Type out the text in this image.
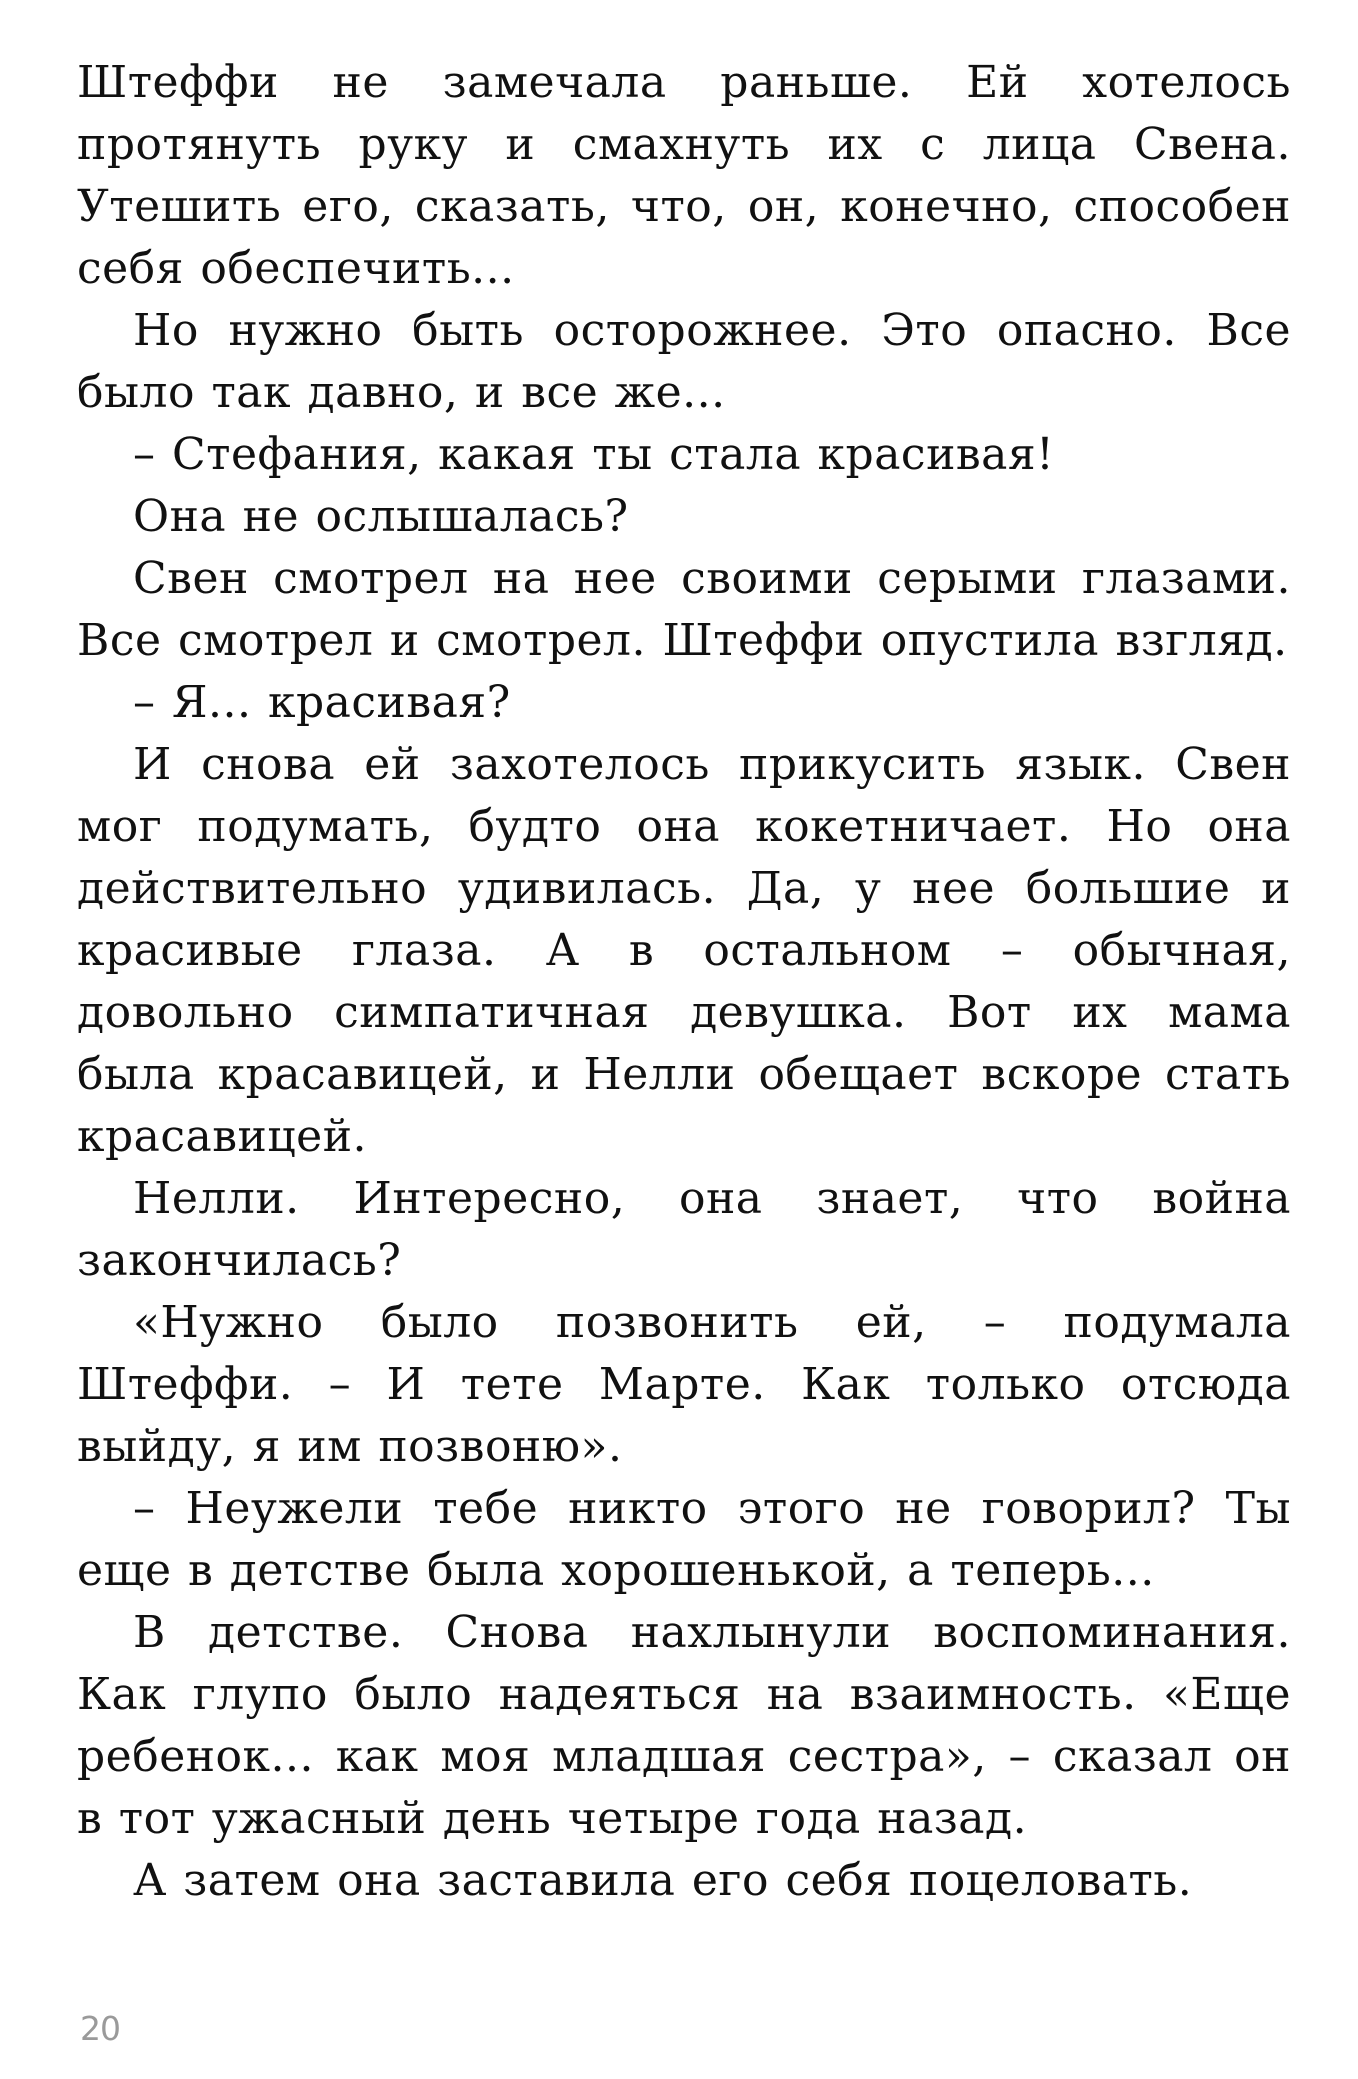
Штеффи не замечала раньше. Ей хотелось протянуть руку и смахнуть их с лица Свена. Утешить его, сказать, что, он, конечно, способен себя обеспечить...

Но нужно быть осторожнее. Это опасно. Все было так давно, и все же...

– Стефания, какая ты стала красивая!

Она не ослышалась?

Свен смотрел на нее своими серыми глазами. Все смотрел и смотрел. Штеффи опустила взгляд.

– Я... красивая?

И снова ей захотелось прикусить язык. Свен мог подумать, будто она кокетничает. Но она действительно удивилась. Да, у нее большие и красивые глаза. А в остальном – обычная, довольно симпатичная девушка. Вот их мама была красавицей, и Нелли обещает вскоре стать красавицей.

Нелли. Интересно, она знает, что война закончилась?

«Нужно было позвонить ей, – подумала Штеффи. – И тете Марте. Как только отсюда выйду, я им позвоню».

– Неужели тебе никто этого не говорил? Ты еще в детстве была хорошенькой, а теперь...

В детстве. Снова нахлынули воспоминания. Как глупо было надеяться на взаимность. «Еще ребенок... как моя младшая сестра», – сказал он в тот ужасный день четыре года назад.

А затем она заставила его себя поцеловать.

20
